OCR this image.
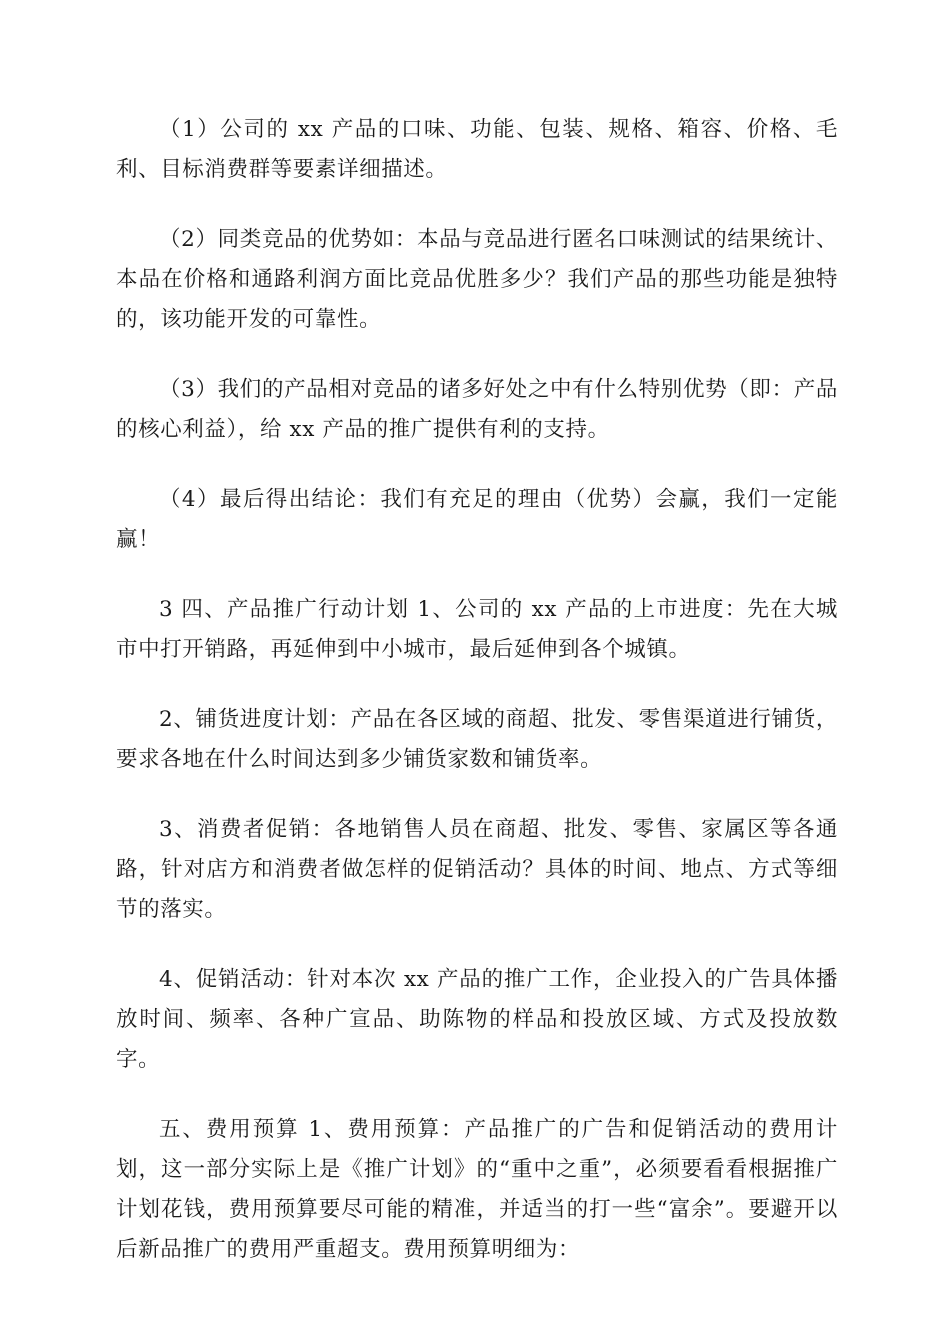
（1）公司的 xx 产品的口味、功能、包装、规格、箱容、价格、毛利、目标消费群等要素详细描述。

（2）同类竞品的优势如：本品与竞品进行匿名口味测试的结果统计、本品在价格和通路利润方面比竞品优胜多少？我们产品的那些功能是独特的，该功能开发的可靠性。

（3）我们的产品相对竞品的诸多好处之中有什么特别优势（即：产品的核心利益），给 xx 产品的推广提供有利的支持。

（4）最后得出结论：我们有充足的理由（优势）会赢，我们一定能赢！

3 四、产品推广行动计划 1、公司的 xx 产品的上市进度：先在大城市中打开销路，再延伸到中小城市，最后延伸到各个城镇。

2、铺货进度计划：产品在各区域的商超、批发、零售渠道进行铺货，要求各地在什么时间达到多少铺货家数和铺货率。

3、消费者促销：各地销售人员在商超、批发、零售、家属区等各通路，针对店方和消费者做怎样的促销活动？具体的时间、地点、方式等细节的落实。

4、促销活动：针对本次 xx 产品的推广工作，企业投入的广告具体播放时间、频率、各种广宣品、助陈物的样品和投放区域、方式及投放数字。

五、费用预算 1、费用预算：产品推广的广告和促销活动的费用计划，这一部分实际上是《推广计划》的“重中之重”，必须要看看根据推广计划花钱，费用预算要尽可能的精准，并适当的打一些“富余”。要避开以后新品推广的费用严重超支。费用预算明细为：
